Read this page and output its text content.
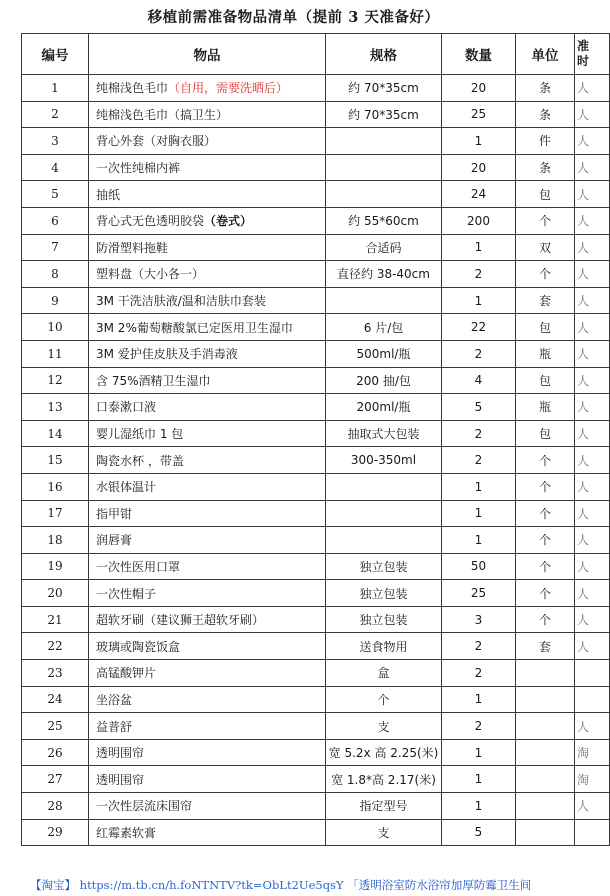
移植前需准备物品清单（提前 3 天准备好）
编号	物品	规格	数量	单位	准
时
1	纯棉浅色毛巾（自用，需要洗晒后）	约 70*35cm	20	条	人
2	纯棉浅色毛巾（搞卫生）	约 70*35cm	25	条	人
3	背心外套（对胸衣服）		1	件	人
4	一次性纯棉内裤		20	条	人
5	抽纸		24	包	人
6	背心式无色透明胶袋（卷式）	约 55*60cm	200	个	人
7	防滑塑料拖鞋	合适码	1	双	人
8	塑料盘（大小各一）	直径约 38-40cm	2	个	人
9	3M 干洗洁肤液/温和洁肤巾套装		1	套	人
10	3M 2%葡萄糖酸氯已定医用卫生湿巾	6 片/包	22	包	人
11	3M 爱护佳皮肤及手消毒液	500ml/瓶	2	瓶	人
12	含 75%酒精卫生湿巾	200 抽/包	4	包	人
13	口泰漱口液	200ml/瓶	5	瓶	人
14	婴儿湿纸巾 1 包	抽取式大包装	2	包	人
15	陶瓷水杯 ，带盖	300-350ml	2	个	人
16	水银体温计		1	个	人
17	指甲钳		1	个	人
18	润唇膏		1	个	人
19	一次性医用口罩	独立包装	50	个	人
20	一次性帽子	独立包装	25	个	人
21	超软牙刷（建议狮王超软牙刷）	独立包装	3	个	人
22	玻璃或陶瓷饭盒	送食物用	2	套	人
23	高锰酸钾片	盒	2		
24	坐浴盆	个	1		
25	益普舒	支	2		人
26	透明围帘	宽 5.2x 高 2.25(米)	1		淘
27	透明围帘	宽 1.8*高 2.17(米)	1		淘
28	一次性层流床围帘	指定型号	1		人
29	红霉素软膏	支	5		
【淘宝】 https://m.tb.cn/h.foNTNTV?tk=ObLt2Ue5qsY 「透明浴室防水浴帘加厚防霉卫生间
